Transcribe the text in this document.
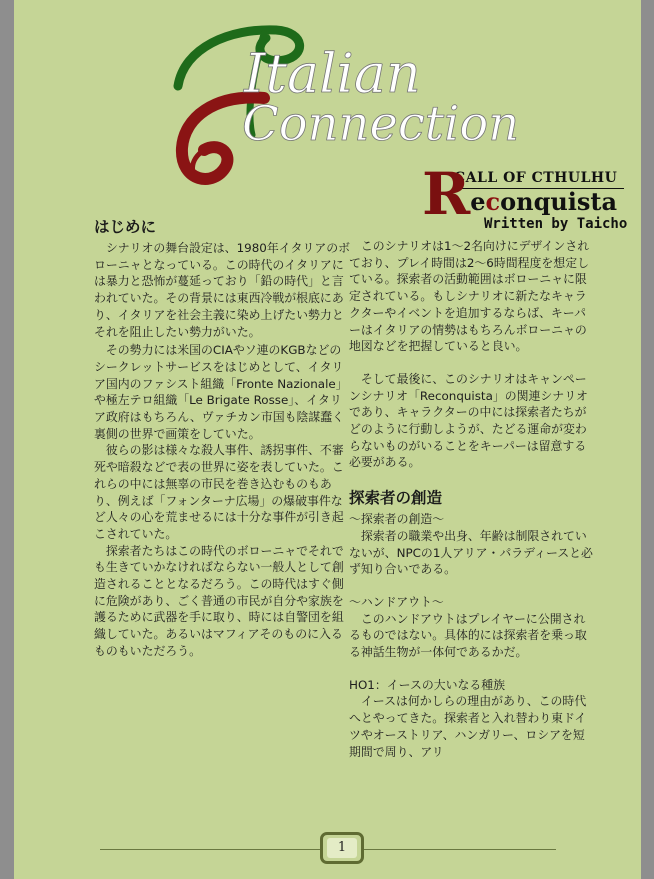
Italian
Connection
CALL OF CTHULHU
Reconquista
Written by Taicho
はじめに

シナリオの舞台設定は、1980年イタリアのボローニャとなっている。この時代のイタリアには暴力と恐怖が蔓延っており「鉛の時代」と言われていた。その背景には東西冷戦が根底にあり、イタリアを社会主義に染め上げたい勢力とそれを阻止したい勢力がいた。

その勢力には米国のCIAやソ連のKGBなどのシークレットサービスをはじめとして、イタリア国内のファシスト組織「Fronte Nazionale」や極左テロ組織「Le Brigate Rosse」、イタリア政府はもちろん、ヴァチカン市国も陰謀蠢く裏側の世界で画策をしていた。

彼らの影は様々な殺人事件、誘拐事件、不審死や暗殺などで表の世界に姿を表していた。これらの中には無辜の市民を巻き込むものもあり、例えば「フォンターナ広場」の爆破事件など人々の心を荒ませるには十分な事件が引き起こされていた。

探索者たちはこの時代のボローニャでそれでも生きていかなければならない一般人として創造されることとなるだろう。この時代はすぐ側に危険があり、ごく普通の市民が自分や家族を護るために武器を手に取り、時には自警団を組織していた。あるいはマフィアそのものに入るものもいただろう。

このシナリオは1～2名向けにデザインされており、プレイ時間は2～6時間程度を想定している。探索者の活動範囲はボローニャに限定されている。もしシナリオに新たなキャラクターやイベントを追加するならば、キーパーはイタリアの情勢はもちろんボローニャの地図などを把握していると良い。

そして最後に、このシナリオはキャンペーンシナリオ「Reconquista」の関連シナリオであり、キャラクターの中には探索者たちがどのように行動しようが、たどる運命が変わらないものがいることをキーパーは留意する必要がある。

探索者の創造
～探索者の創造～

探索者の職業や出身、年齢は制限されていないが、NPCの1人アリア・パラディースと必ず知り合いである。

～ハンドアウト～

このハンドアウトはプレイヤーに公開されるものではない。具体的には探索者を乗っ取る神話生物が一体何であるかだ。

HO1：イースの大いなる種族

イースは何かしらの理由があり、この時代へとやってきた。探索者と入れ替わり東ドイツやオーストリア、ハンガリー、ロシアを短期間で周り、アリ

1
